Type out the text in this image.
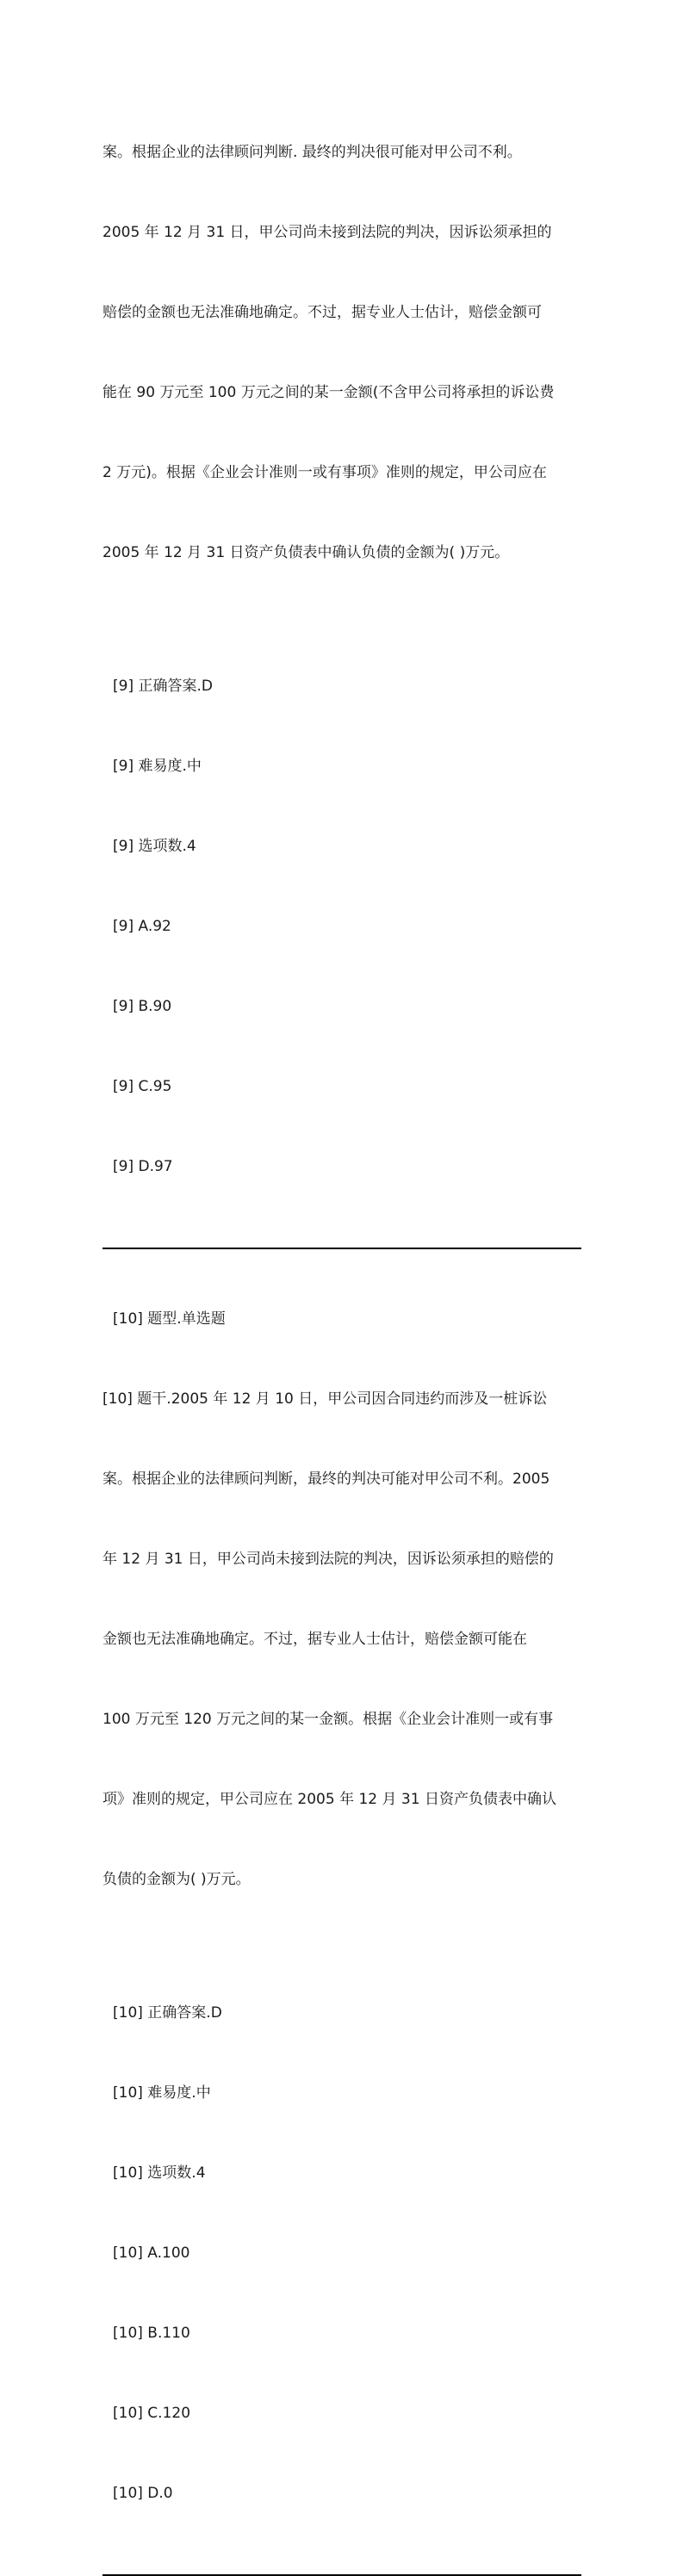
案。根据企业的法律顾问判断. 最终的判决很可能对甲公司不利。

2005 年 12 月 31 日，甲公司尚未接到法院的判决，因诉讼须承担的

赔偿的金额也无法准确地确定。不过，据专业人士估计，赔偿金额可

能在 90 万元至 100 万元之间的某一金额(不含甲公司将承担的诉讼费

2 万元)。根据《企业会计准则一或有事项》准则的规定，甲公司应在

2005 年 12 月 31 日资产负债表中确认负债的金额为( )万元。

[9] 正确答案.D

[9] 难易度.中

[9] 选项数.4

[9] A.92

[9] B.90

[9] C.95

[9] D.97

[10] 题型.单选题

[10] 题干.2005 年 12 月 10 日，甲公司因合同违约而涉及一桩诉讼

案。根据企业的法律顾问判断，最终的判决可能对甲公司不利。2005

年 12 月 31 日，甲公司尚未接到法院的判决，因诉讼须承担的赔偿的

金额也无法准确地确定。不过，据专业人士估计，赔偿金额可能在

100 万元至 120 万元之间的某一金额。根据《企业会计准则一或有事

项》准则的规定，甲公司应在 2005 年 12 月 31 日资产负债表中确认

负债的金额为( )万元。

[10] 正确答案.D

[10] 难易度.中

[10] 选项数.4

[10] A.100

[10] B.110

[10] C.120

[10] D.0
